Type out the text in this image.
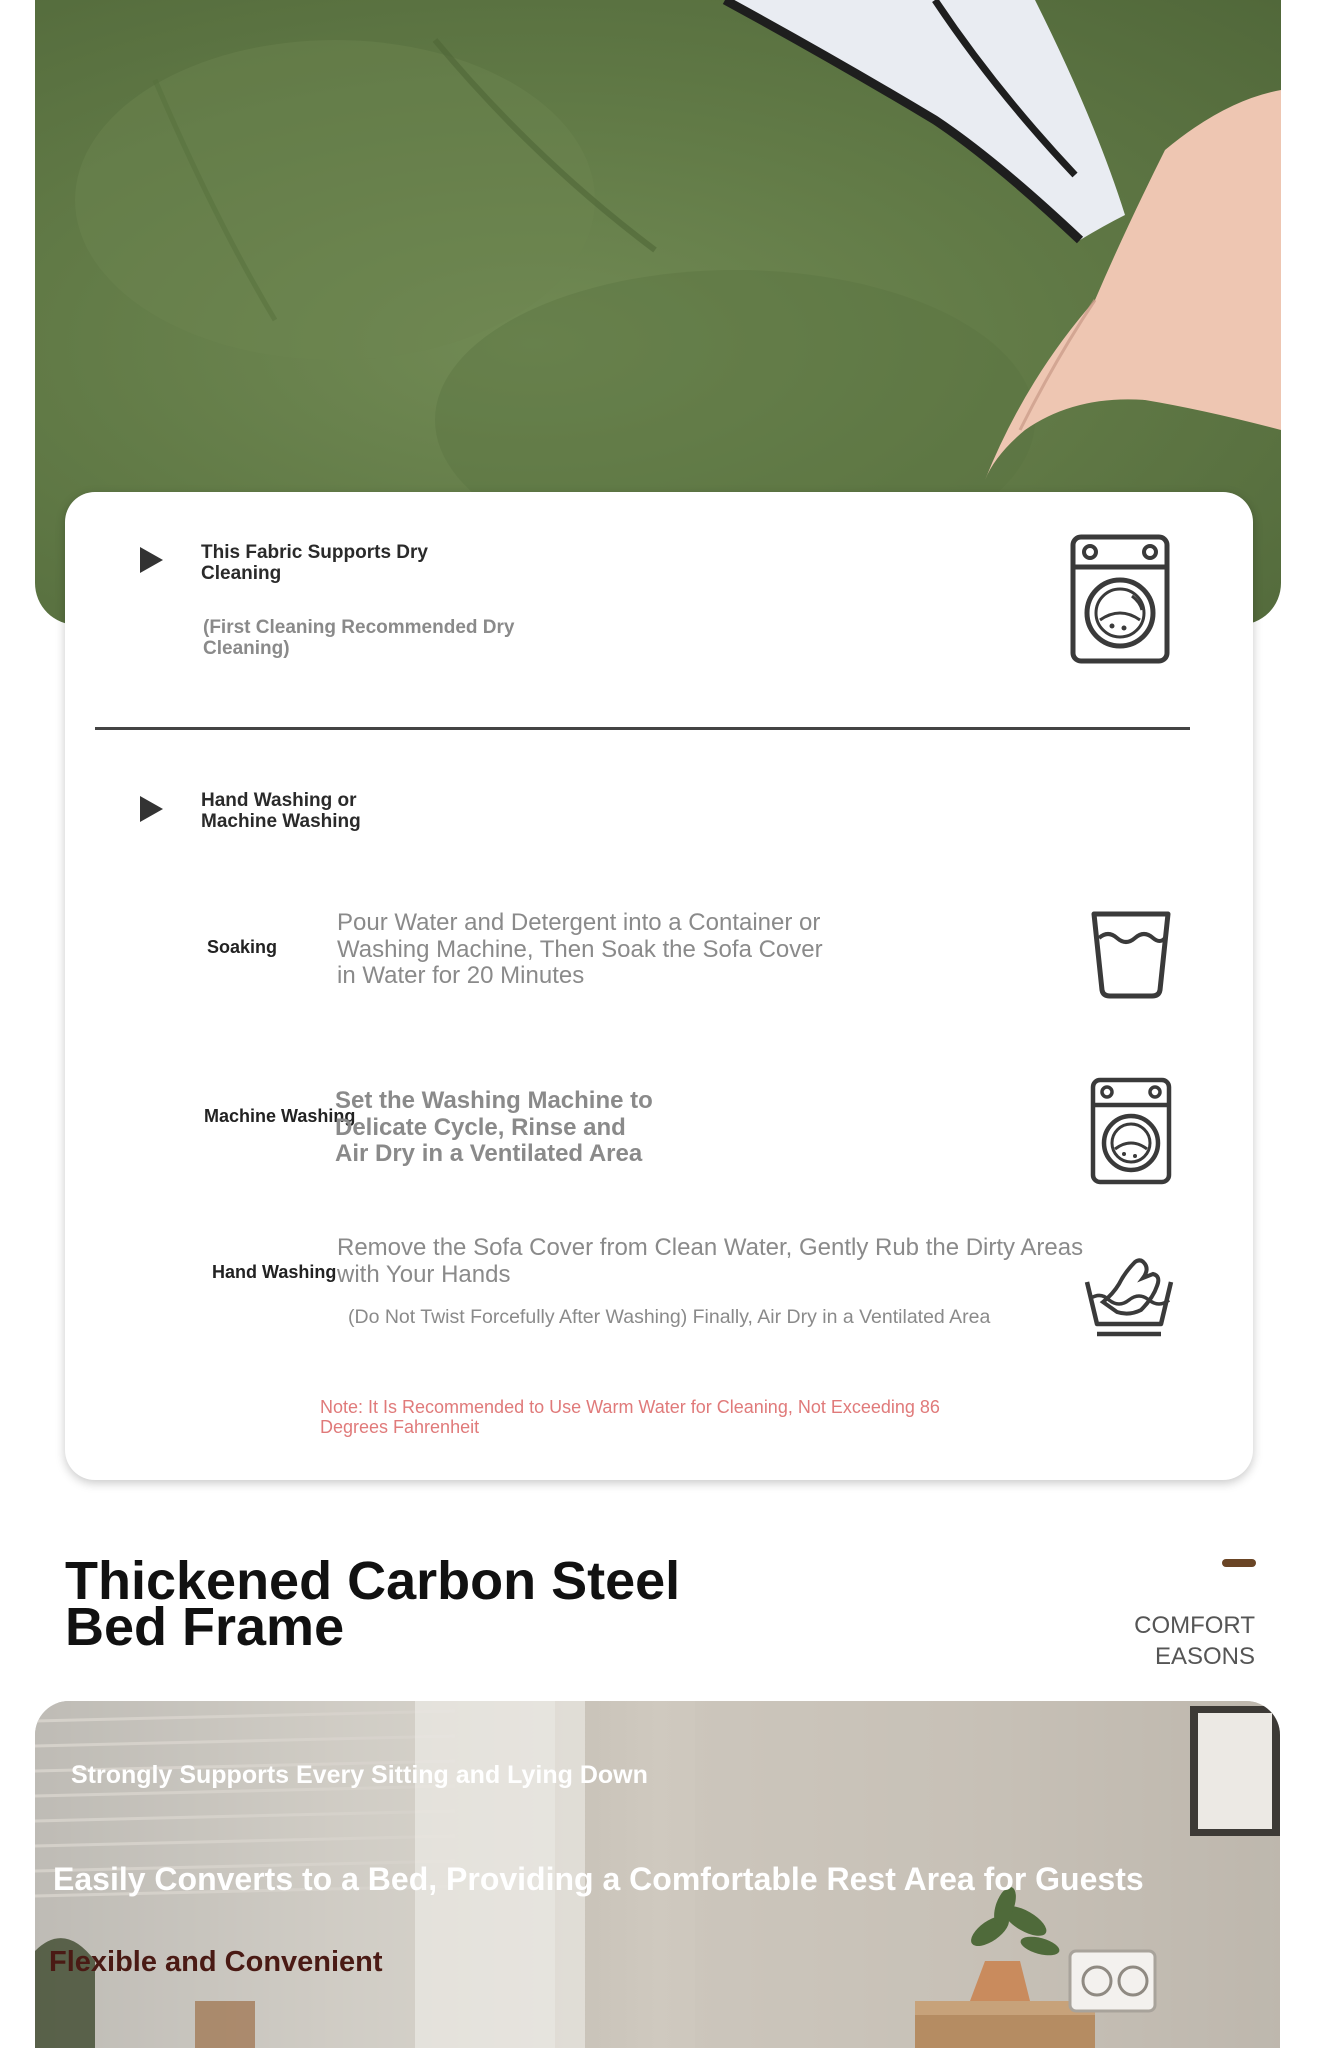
This Fabric Supports Dry Cleaning
(First Cleaning Recommended Dry Cleaning)
Hand Washing or Machine Washing
Soaking
Pour Water and Detergent into a Container or Washing Machine, Then Soak the Sofa Cover in Water for 20 Minutes
Machine Washing
Set the Washing Machine to Delicate Cycle, Rinse and Air Dry in a Ventilated Area
Hand Washing
Remove the Sofa Cover from Clean Water, Gently Rub the Dirty Areas with Your Hands
(Do Not Twist Forcefully After Washing) Finally, Air Dry in a Ventilated Area
Note: It Is Recommended to Use Warm Water for Cleaning, Not Exceeding 86 Degrees Fahrenheit
Thickened Carbon Steel Bed Frame	COMFORT EASONS
Strongly Supports Every Sitting and Lying Down
Easily Converts to a Bed, Providing a Comfortable Rest Area for Guests
Flexible and Convenient
